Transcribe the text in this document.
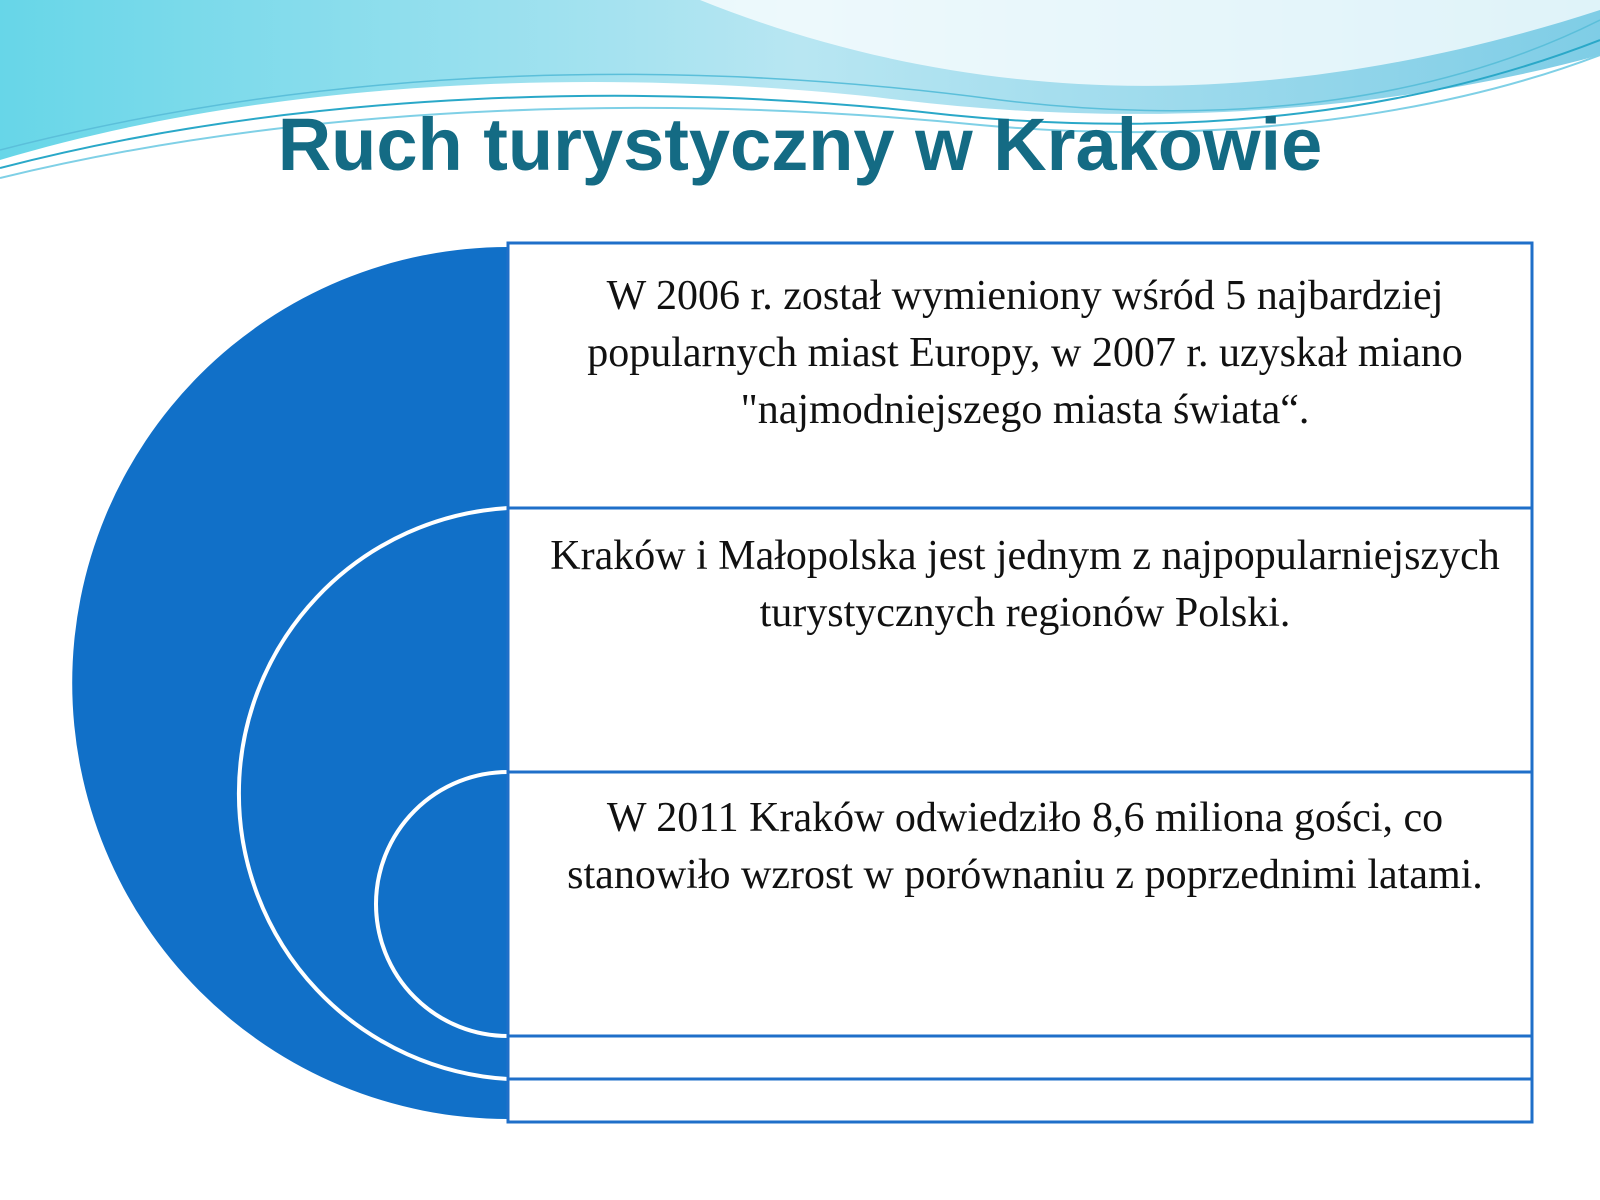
Ruch turystyczny w Krakowie
W 2006 r. został wymieniony wśród 5 najbardziej popularnych miast Europy, w 2007 r. uzyskał miano "najmodniejszego miasta świata“.
Kraków i Małopolska jest jednym z najpopularniejszych turystycznych regionów Polski.
W 2011 Kraków odwiedziło 8,6 miliona gości, co stanowiło wzrost w porównaniu z poprzednimi latami.
